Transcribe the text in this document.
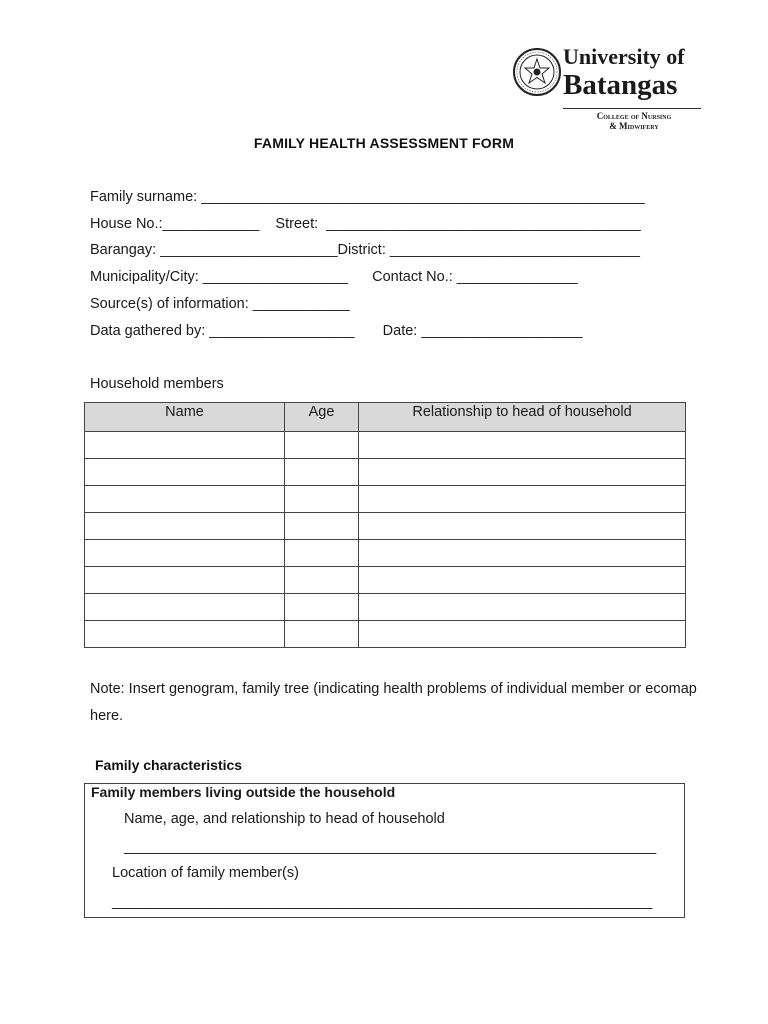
University of
Batangas
College of Nursing
& Midwifery
FAMILY HEALTH ASSESSMENT FORM
Family surname: _______________________________________________________
House No.:____________    Street:  _______________________________________
Barangay: ______________________District: _______________________________
Municipality/City: __________________      Contact No.: _______________
Source(s) of information: ____________
Data gathered by: __________________       Date: ____________________
Household members
Name	Age	Relationship to head of household

Note: Insert genogram, family tree (indicating health problems of individual member or ecomap here.
Family characteristics
Family members living outside the household
Name, age, and relationship to head of household
__________________________________________________________________
Location of family member(s)
___________________________________________________________________
